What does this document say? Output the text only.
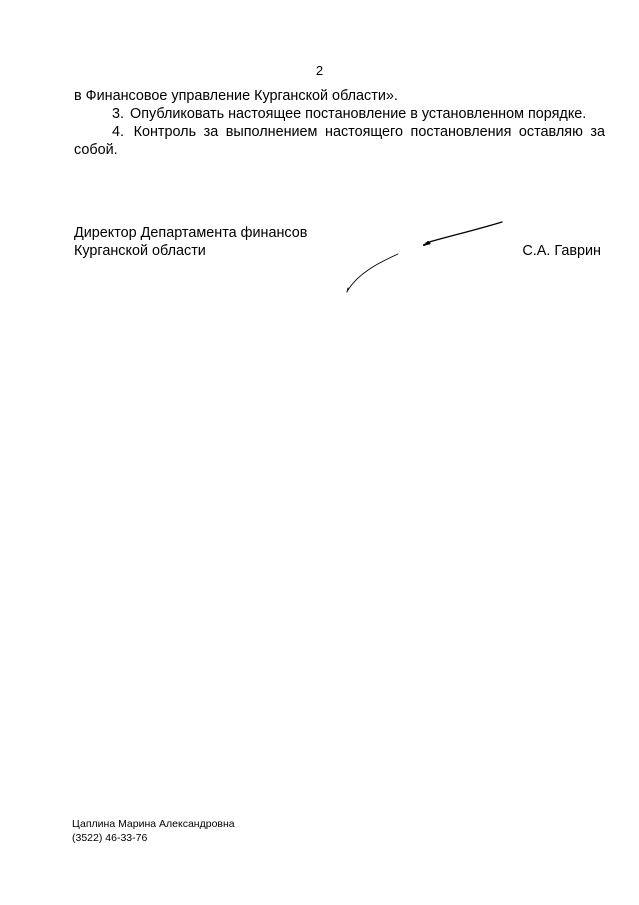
2

в Финансовое управление Курганской области».

3. Опубликовать настоящее постановление в установленном порядке.

4. Контроль за выполнением настоящего постановления оставляю за собой.

Директор Департамента финансов
Курганской области	С.А. Гаврин
Цаплина Марина Александровна
(3522) 46-33-76
